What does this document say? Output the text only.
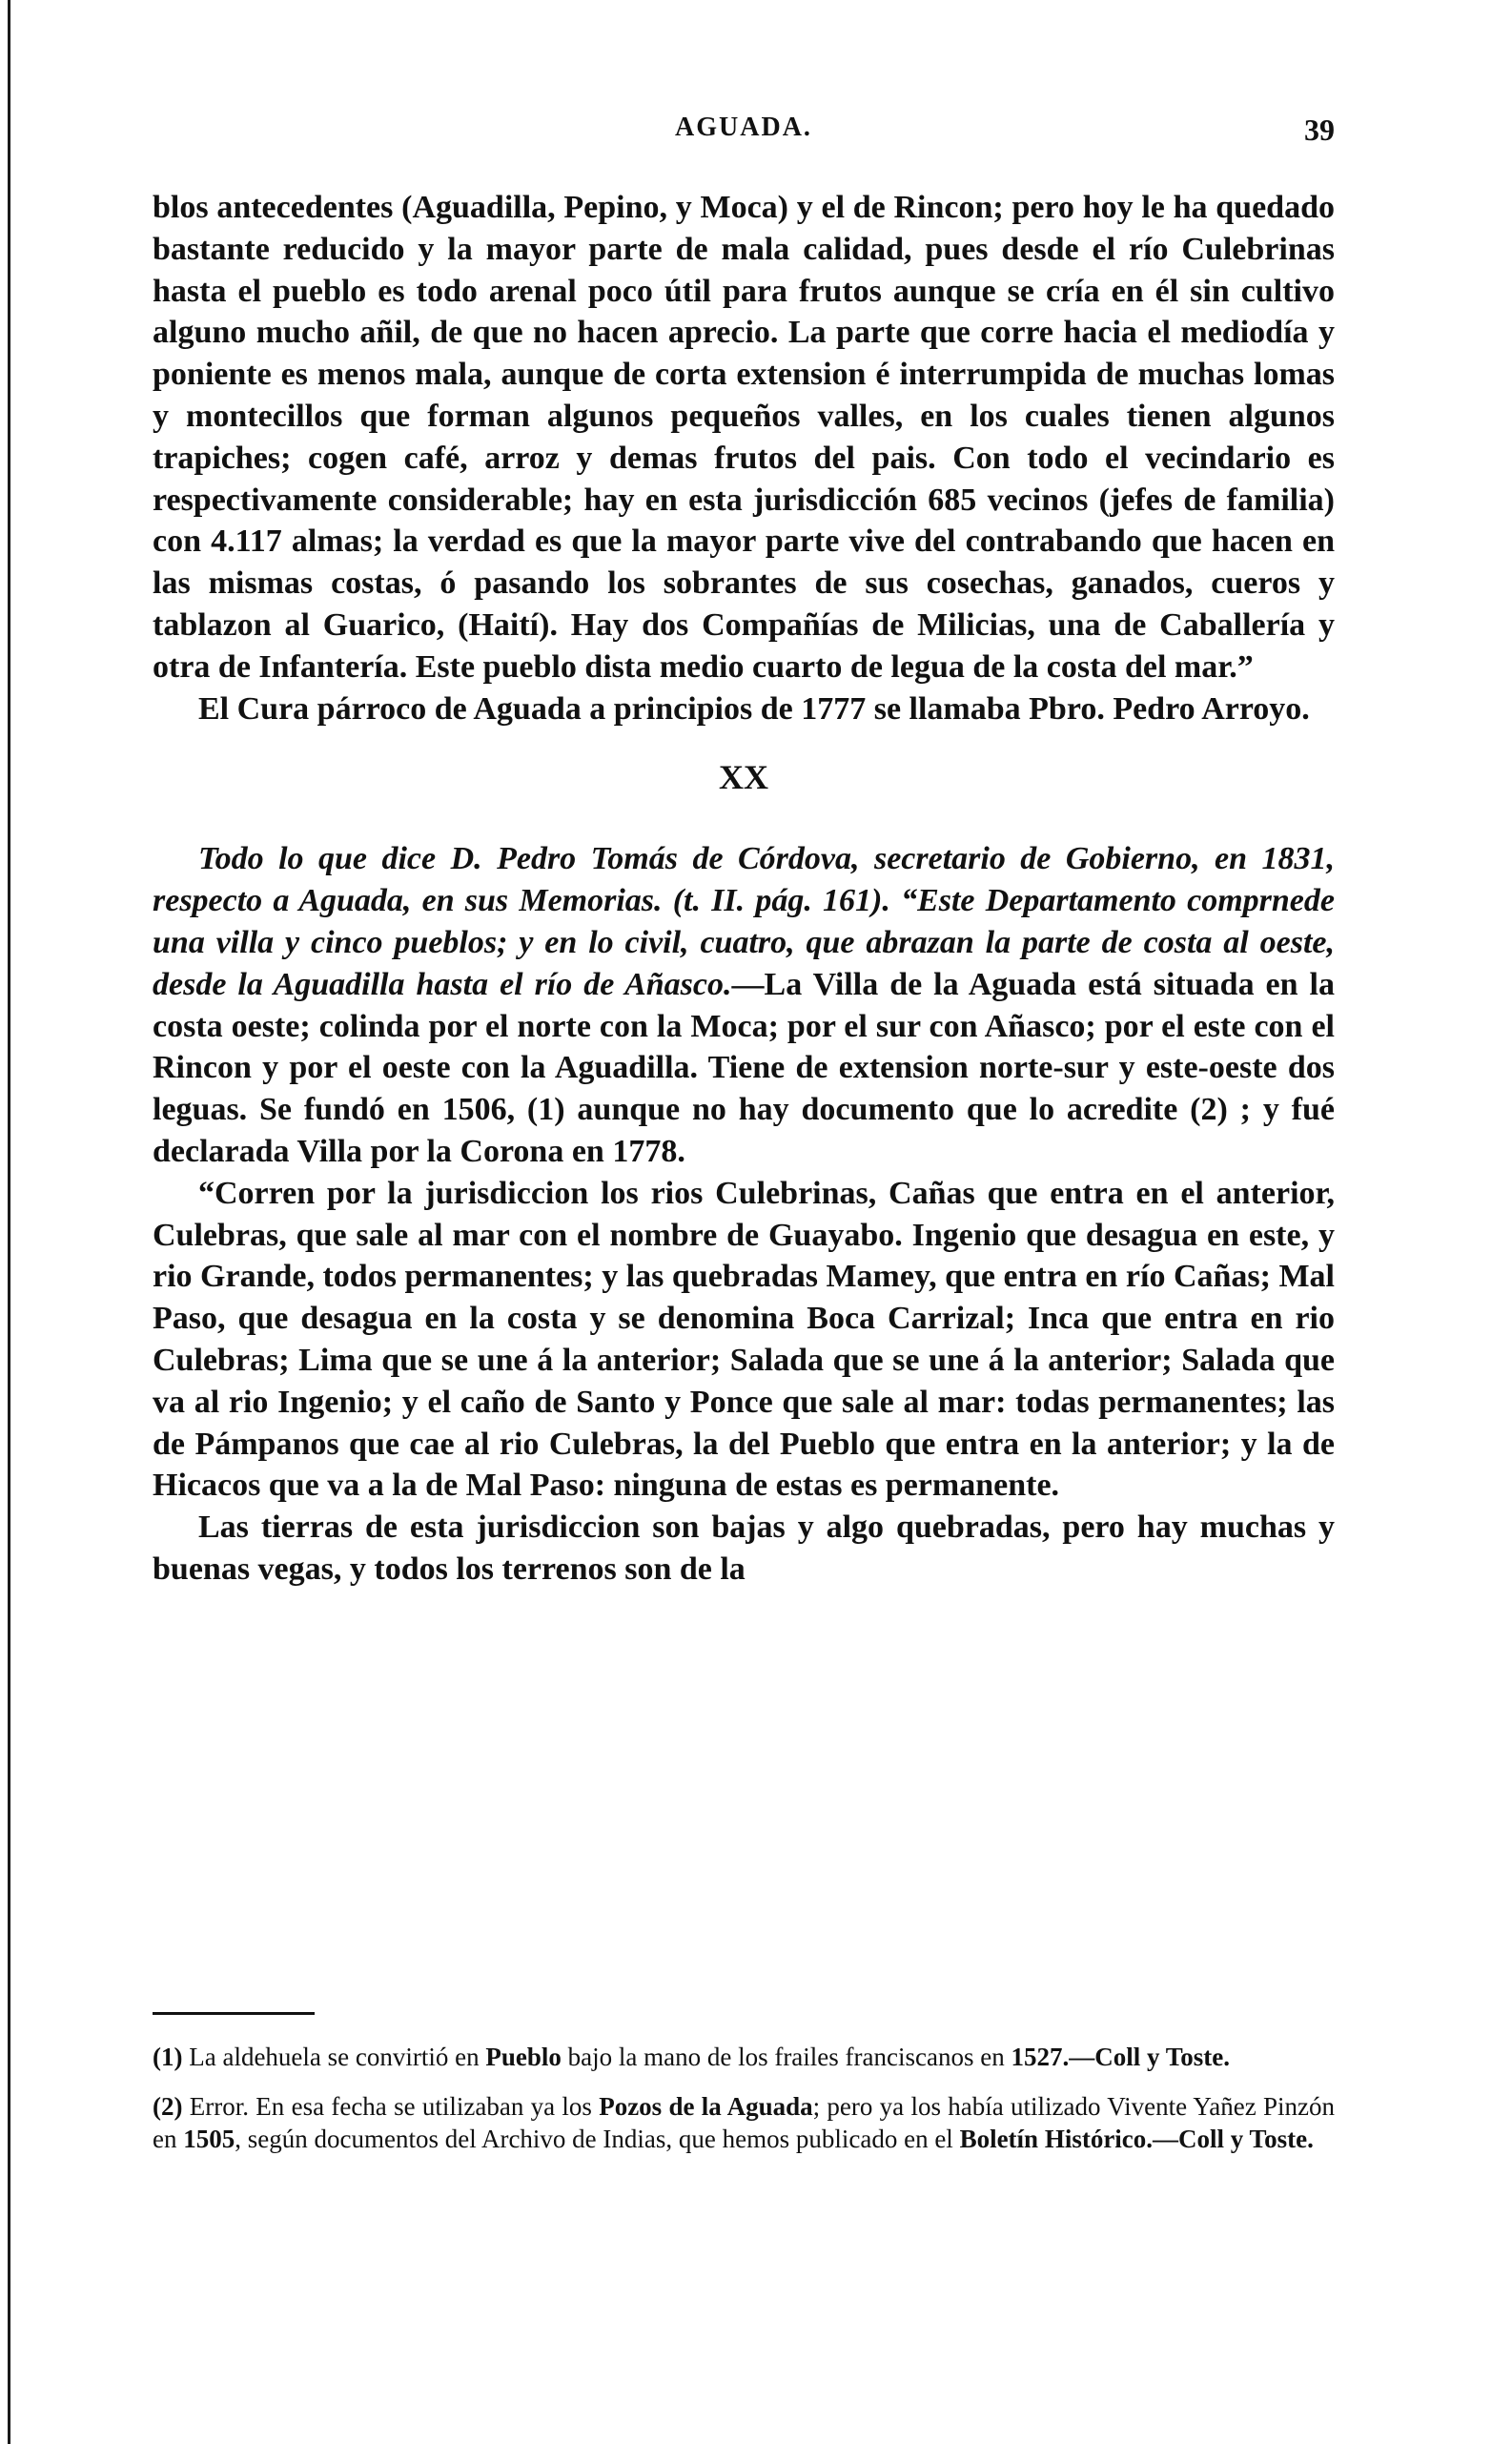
AGUADA.	39

blos antecedentes (Aguadilla, Pepino, y Moca) y el de Rincon; pero hoy le ha quedado bastante reducido y la mayor parte de mala calidad, pues desde el río Culebrinas hasta el pueblo es todo arenal poco útil para frutos aunque se cría en él sin cultivo alguno mucho añil, de que no hacen aprecio. La parte que corre hacia el mediodía y poniente es menos mala, aunque de corta extension é interrumpida de muchas lomas y montecillos que forman algunos pequeños valles, en los cuales tienen algunos trapiches; cogen café, arroz y demas frutos del pais. Con todo el vecindario es respectivamente considerable; hay en esta jurisdicción 685 vecinos (jefes de familia) con 4.117 almas; la verdad es que la mayor parte vive del contrabando que hacen en las mismas costas, ó pasando los sobrantes de sus cosechas, ganados, cueros y tablazon al Guarico, (Haití). Hay dos Compañías de Milicias, una de Caballería y otra de Infantería. Este pueblo dista medio cuarto de legua de la costa del mar.”

El Cura párroco de Aguada a principios de 1777 se llamaba Pbro. Pedro Arroyo.

XX

Todo lo que dice D. Pedro Tomás de Córdova, secretario de Gobierno, en 1831, respecto a Aguada, en sus Memorias. (t. II. pág. 161). “Este Departamento comprnede una villa y cinco pueblos; y en lo civil, cuatro, que abrazan la parte de costa al oeste, desde la Aguadilla hasta el río de Añasco.—La Villa de la Aguada está situada en la costa oeste; colinda por el norte con la Moca; por el sur con Añasco; por el este con el Rincon y por el oeste con la Aguadilla. Tiene de extension norte-sur y este-oeste dos leguas. Se fundó en 1506, (1) aunque no hay documento que lo acredite (2) ; y fué declarada Villa por la Corona en 1778.

“Corren por la jurisdiccion los rios Culebrinas, Cañas que entra en el anterior, Culebras, que sale al mar con el nombre de Guayabo. Ingenio que desagua en este, y rio Grande, todos permanentes; y las quebradas Mamey, que entra en río Cañas; Mal Paso, que desagua en la costa y se denomina Boca Carrizal; Inca que entra en rio Culebras; Lima que se une á la anterior; Salada que se une á la anterior; Salada que va al rio Ingenio; y el caño de Santo y Ponce que sale al mar: todas permanentes; las de Pámpanos que cae al rio Culebras, la del Pueblo que entra en la anterior; y la de Hicacos que va a la de Mal Paso: ninguna de estas es permanente.

Las tierras de esta jurisdiccion son bajas y algo quebradas, pero hay muchas y buenas vegas, y todos los terrenos son de la

(1) La aldehuela se convirtió en Pueblo bajo la mano de los frailes franciscanos en 1527.—Coll y Toste.

(2) Error. En esa fecha se utilizaban ya los Pozos de la Aguada; pero ya los había utilizado Vivente Yañez Pinzón en 1505, según documentos del Archivo de Indias, que hemos publicado en el Boletín Histórico.—Coll y Toste.
